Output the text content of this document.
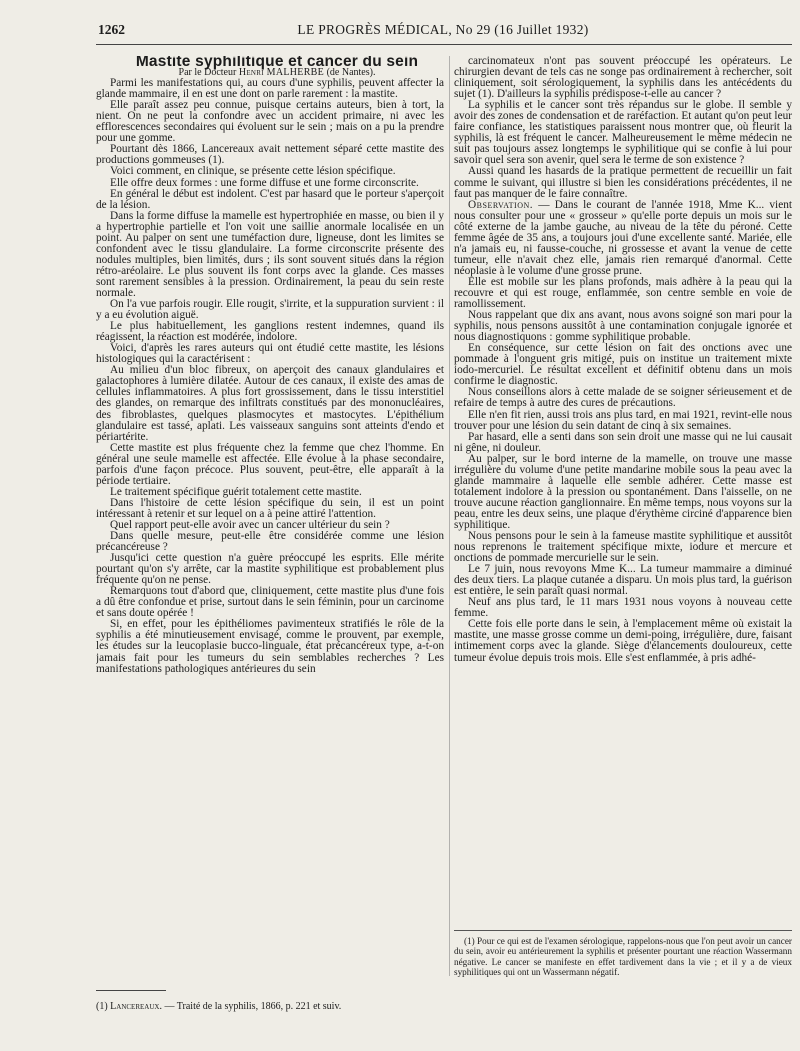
1262	LE PROGRÈS MÉDICAL, No 29 (16 Juillet 1932)

Mastite syphilitique et cancer du sein

Par le Docteur Henri MALHERBE (de Nantes).

Parmi les manifestations qui, au cours d'une syphilis, peuvent affecter la glande mammaire, il en est une dont on parle rarement : la mastite.

Elle paraît assez peu connue, puisque certains auteurs, bien à tort, la nient. On ne peut la confondre avec un accident primaire, ni avec les efflorescences secondaires qui évoluent sur le sein ; mais on a pu la prendre pour une gomme.

Pourtant dès 1866, Lancereaux avait nettement séparé cette mastite des productions gommeuses (1).

Voici comment, en clinique, se présente cette lésion spécifique.

Elle offre deux formes : une forme diffuse et une forme circonscrite.

En général le début est indolent. C'est par hasard que le porteur s'aperçoit de la lésion.

Dans la forme diffuse la mamelle est hypertrophiée en masse, ou bien il y a hypertrophie partielle et l'on voit une saillie anormale localisée en un point. Au palper on sent une tuméfaction dure, ligneuse, dont les limites se confondent avec le tissu glandulaire. La forme circonscrite présente des nodules multiples, bien limités, durs ; ils sont souvent situés dans la région rétro-aréolaire. Le plus souvent ils font corps avec la glande. Ces masses sont rarement sensibles à la pression. Ordinairement, la peau du sein reste normale.

On l'a vue parfois rougir. Elle rougit, s'irrite, et la suppuration survient : il y a eu évolution aiguë.

Le plus habituellement, les ganglions restent indemnes, quand ils réagissent, la réaction est modérée, indolore.

Voici, d'après les rares auteurs qui ont étudié cette mastite, les lésions histologiques qui la caractérisent :

Au milieu d'un bloc fibreux, on aperçoit des canaux glandulaires et galactophores à lumière dilatée. Autour de ces canaux, il existe des amas de cellules inflammatoires. A plus fort grossissement, dans le tissu interstitiel des glandes, on remarque des infiltrats constitués par des mononucléaires, des fibroblastes, quelques plasmocytes et mastocytes. L'épithélium glandulaire est tassé, aplati. Les vaisseaux sanguins sont atteints d'endo et périartérite.

Cette mastite est plus fréquente chez la femme que chez l'homme. En général une seule mamelle est affectée. Elle évolue à la phase secondaire, parfois d'une façon précoce. Plus souvent, peut-être, elle apparaît à la période tertiaire.

Le traitement spécifique guérit totalement cette mastite.

Dans l'histoire de cette lésion spécifique du sein, il est un point intéressant à retenir et sur lequel on a à peine attiré l'attention.

Quel rapport peut-elle avoir avec un cancer ultérieur du sein ?

Dans quelle mesure, peut-elle être considérée comme une lésion précancéreuse ?

Jusqu'ici cette question n'a guère préoccupé les esprits. Elle mérite pourtant qu'on s'y arrête, car la mastite syphilitique est probablement plus fréquente qu'on ne pense.

Remarquons tout d'abord que, cliniquement, cette mastite plus d'une fois a dû être confondue et prise, surtout dans le sein féminin, pour un carcinome et sans doute opérée !

Si, en effet, pour les épithéliomes pavimenteux stratifiés le rôle de la syphilis a été minutieusement envisagé, comme le prouvent, par exemple, les études sur la leucoplasie bucco-linguale, état précancéreux type, a-t-on jamais fait pour les tumeurs du sein semblables recherches ? Les manifestations pathologiques antérieures du sein

carcinomateux n'ont pas souvent préoccupé les opérateurs. Le chirurgien devant de tels cas ne songe pas ordinairement à rechercher, soit cliniquement, soit sérologiquement, la syphilis dans les antécédents du sujet (1). D'ailleurs la syphilis prédispose-t-elle au cancer ?

La syphilis et le cancer sont très répandus sur le globe. Il semble y avoir des zones de condensation et de raréfaction. Et autant qu'on peut leur faire confiance, les statistiques paraissent nous montrer que, où fleurit la syphilis, là est fréquent le cancer. Malheureusement le même médecin ne suit pas toujours assez longtemps le syphilitique qui se confie à lui pour savoir quel sera son avenir, quel sera le terme de son existence ?

Aussi quand les hasards de la pratique permettent de recueillir un fait comme le suivant, qui illustre si bien les considérations précédentes, il ne faut pas manquer de le faire connaître.

Observation. — Dans le courant de l'année 1918, Mme K... vient nous consulter pour une « grosseur » qu'elle porte depuis un mois sur le côté externe de la jambe gauche, au niveau de la tête du péroné. Cette femme âgée de 35 ans, a toujours joui d'une excellente santé. Mariée, elle n'a jamais eu, ni fausse-couche, ni grossesse et avant la venue de cette tumeur, elle n'avait chez elle, jamais rien remarqué d'anormal. Cette néoplasie à le volume d'une grosse prune.

Elle est mobile sur les plans profonds, mais adhère à la peau qui la recouvre et qui est rouge, enflammée, son centre semble en voie de ramollissement.

Nous rappelant que dix ans avant, nous avons soigné son mari pour la syphilis, nous pensons aussitôt à une contamination conjugale ignorée et nous diagnostiquons : gomme syphilitique probable.

En conséquence, sur cette lésion on fait des onctions avec une pommade à l'onguent gris mitigé, puis on institue un traitement mixte iodo-mercuriel. Le résultat excellent et définitif obtenu dans un mois confirme le diagnostic.

Nous conseillons alors à cette malade de se soigner sérieusement et de refaire de temps à autre des cures de précautions.

Elle n'en fit rien, aussi trois ans plus tard, en mai 1921, revint-elle nous trouver pour une lésion du sein datant de cinq à six semaines.

Par hasard, elle a senti dans son sein droit une masse qui ne lui causait ni gêne, ni douleur.

Au palper, sur le bord interne de la mamelle, on trouve une masse irrégulière du volume d'une petite mandarine mobile sous la peau avec la glande mammaire à laquelle elle semble adhérer. Cette masse est totalement indolore à la pression ou spontanément. Dans l'aisselle, on ne trouve aucune réaction ganglionnaire. En même temps, nous voyons sur la peau, entre les deux seins, une plaque d'érythème circiné d'apparence bien syphilitique.

Nous pensons pour le sein à la fameuse mastite syphilitique et aussitôt nous reprenons le traitement spécifique mixte, iodure et mercure et onctions de pommade mercurielle sur le sein.

Le 7 juin, nous revoyons Mme K... La tumeur mammaire a diminué des deux tiers. La plaque cutanée a disparu. Un mois plus tard, la guérison est entière, le sein paraît quasi normal.

Neuf ans plus tard, le 11 mars 1931 nous voyons à nouveau cette femme.

Cette fois elle porte dans le sein, à l'emplacement même où existait la mastite, une masse grosse comme un demi-poing, irrégulière, dure, faisant intimement corps avec la glande. Siège d'élancements douloureux, cette tumeur évolue depuis trois mois. Elle s'est enflammée, à pris adhé-

(1) Lancereaux. — Traité de la syphilis, 1866, p. 221 et suiv.

(1) Pour ce qui est de l'examen sérologique, rappelons-nous que l'on peut avoir un cancer du sein, avoir eu antérieurement la syphilis et présenter pourtant une réaction Wassermann négative. Le cancer se manifeste en effet tardivement dans la vie ; et il y a de vieux syphilitiques qui ont un Wassermann négatif.
